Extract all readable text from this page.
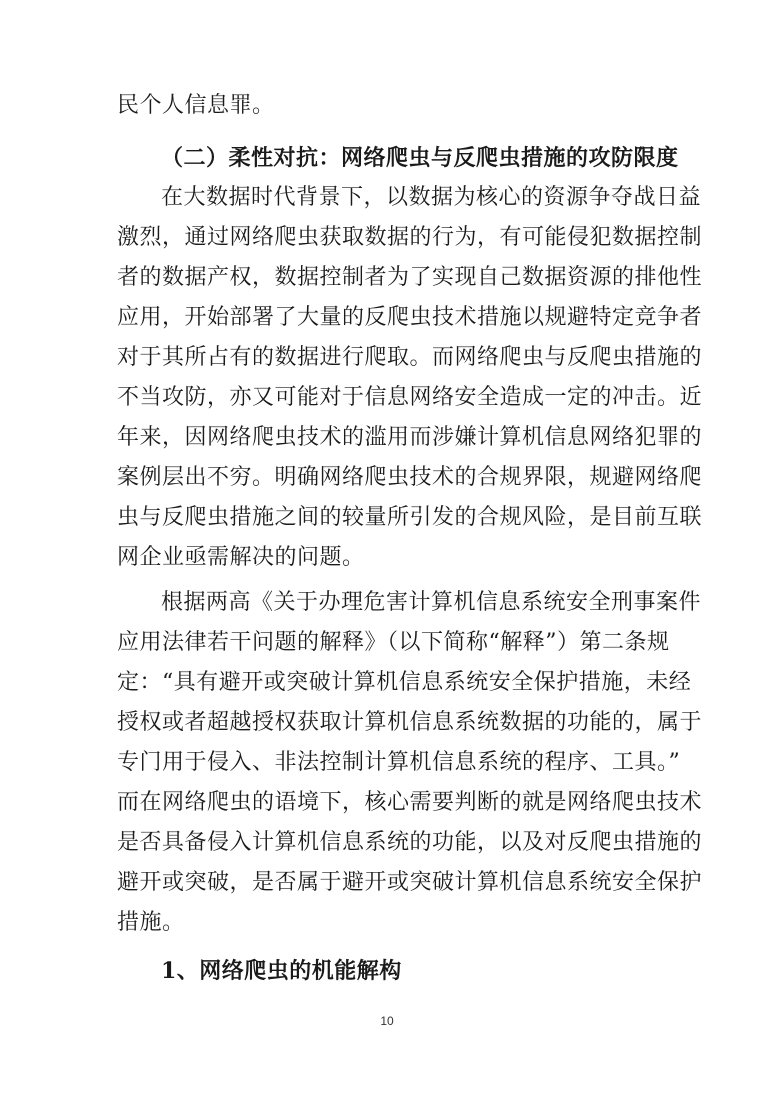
民个人信息罪。
（二）柔性对抗：网络爬虫与反爬虫措施的攻防限度
在大数据时代背景下，以数据为核心的资源争夺战日益
激烈，通过网络爬虫获取数据的行为，有可能侵犯数据控制
者的数据产权，数据控制者为了实现自己数据资源的排他性
应用，开始部署了大量的反爬虫技术措施以规避特定竞争者
对于其所占有的数据进行爬取。而网络爬虫与反爬虫措施的
不当攻防，亦又可能对于信息网络安全造成一定的冲击。近
年来，因网络爬虫技术的滥用而涉嫌计算机信息网络犯罪的
案例层出不穷。明确网络爬虫技术的合规界限，规避网络爬
虫与反爬虫措施之间的较量所引发的合规风险，是目前互联
网企业亟需解决的问题。
根据两高《关于办理危害计算机信息系统安全刑事案件
应用法律若干问题的解释》（以下简称“解释”）第二条规
定：“具有避开或突破计算机信息系统安全保护措施，未经
授权或者超越授权获取计算机信息系统数据的功能的，属于
专门用于侵入、非法控制计算机信息系统的程序、工具。”
而在网络爬虫的语境下，核心需要判断的就是网络爬虫技术
是否具备侵入计算机信息系统的功能，以及对反爬虫措施的
避开或突破，是否属于避开或突破计算机信息系统安全保护
措施。
1、网络爬虫的机能解构
10
